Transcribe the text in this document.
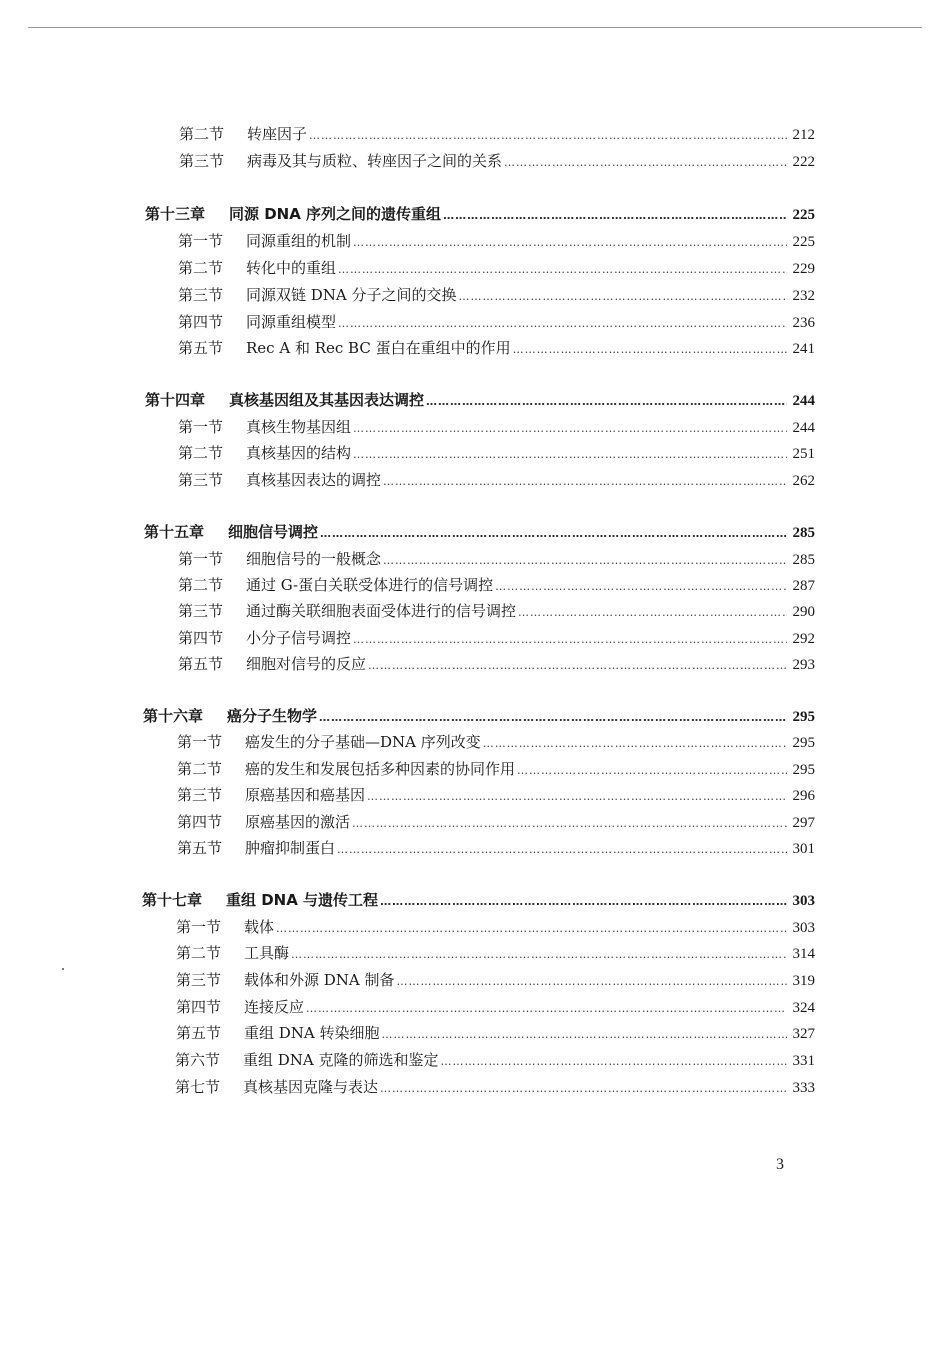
第二节	转座因子 ………………………………………………………………………………………………………………………………………………………………………………………………………………………………	212
第三节	病毒及其与质粒、转座因子之间的关系 ………………………………………………………………………………………………………………………………………………………………………………………………………………………………	222
第十三章	同源 DNA 序列之间的遗传重组 ………………………………………………………………………………………………………………………………………………………………………………………………………………………………	225
第一节	同源重组的机制 ………………………………………………………………………………………………………………………………………………………………………………………………………………………………	225
第二节	转化中的重组 ………………………………………………………………………………………………………………………………………………………………………………………………………………………………	229
第三节	同源双链 DNA 分子之间的交换 ………………………………………………………………………………………………………………………………………………………………………………………………………………………………	232
第四节	同源重组模型 ………………………………………………………………………………………………………………………………………………………………………………………………………………………………	236
第五节	Rec A 和 Rec BC 蛋白在重组中的作用 ………………………………………………………………………………………………………………………………………………………………………………………………………………………………	241
第十四章	真核基因组及其基因表达调控 ………………………………………………………………………………………………………………………………………………………………………………………………………………………………	244
第一节	真核生物基因组 ………………………………………………………………………………………………………………………………………………………………………………………………………………………………	244
第二节	真核基因的结构 ………………………………………………………………………………………………………………………………………………………………………………………………………………………………	251
第三节	真核基因表达的调控 ………………………………………………………………………………………………………………………………………………………………………………………………………………………………	262
第十五章	细胞信号调控 ………………………………………………………………………………………………………………………………………………………………………………………………………………………………	285
第一节	细胞信号的一般概念 ………………………………………………………………………………………………………………………………………………………………………………………………………………………………	285
第二节	通过 G-蛋白关联受体进行的信号调控 ………………………………………………………………………………………………………………………………………………………………………………………………………………………………	287
第三节	通过酶关联细胞表面受体进行的信号调控 ………………………………………………………………………………………………………………………………………………………………………………………………………………………………	290
第四节	小分子信号调控 ………………………………………………………………………………………………………………………………………………………………………………………………………………………………	292
第五节	细胞对信号的反应 ………………………………………………………………………………………………………………………………………………………………………………………………………………………………	293
第十六章	癌分子生物学 ………………………………………………………………………………………………………………………………………………………………………………………………………………………………	295
第一节	癌发生的分子基础—DNA 序列改变 ………………………………………………………………………………………………………………………………………………………………………………………………………………………………	295
第二节	癌的发生和发展包括多种因素的协同作用 ………………………………………………………………………………………………………………………………………………………………………………………………………………………………	295
第三节	原癌基因和癌基因 ………………………………………………………………………………………………………………………………………………………………………………………………………………………………	296
第四节	原癌基因的激活 ………………………………………………………………………………………………………………………………………………………………………………………………………………………………	297
第五节	肿瘤抑制蛋白 ………………………………………………………………………………………………………………………………………………………………………………………………………………………………	301
第十七章	重组 DNA 与遗传工程 ………………………………………………………………………………………………………………………………………………………………………………………………………………………………	303
第一节	载体 ………………………………………………………………………………………………………………………………………………………………………………………………………………………………	303
第二节	工具酶 ………………………………………………………………………………………………………………………………………………………………………………………………………………………………	314
第三节	载体和外源 DNA 制备 ………………………………………………………………………………………………………………………………………………………………………………………………………………………………	319
第四节	连接反应 ………………………………………………………………………………………………………………………………………………………………………………………………………………………………	324
第五节	重组 DNA 转染细胞 ………………………………………………………………………………………………………………………………………………………………………………………………………………………………	327
第六节	重组 DNA 克隆的筛选和鉴定 ………………………………………………………………………………………………………………………………………………………………………………………………………………………………	331
第七节	真核基因克隆与表达 ………………………………………………………………………………………………………………………………………………………………………………………………………………………………	333
3
